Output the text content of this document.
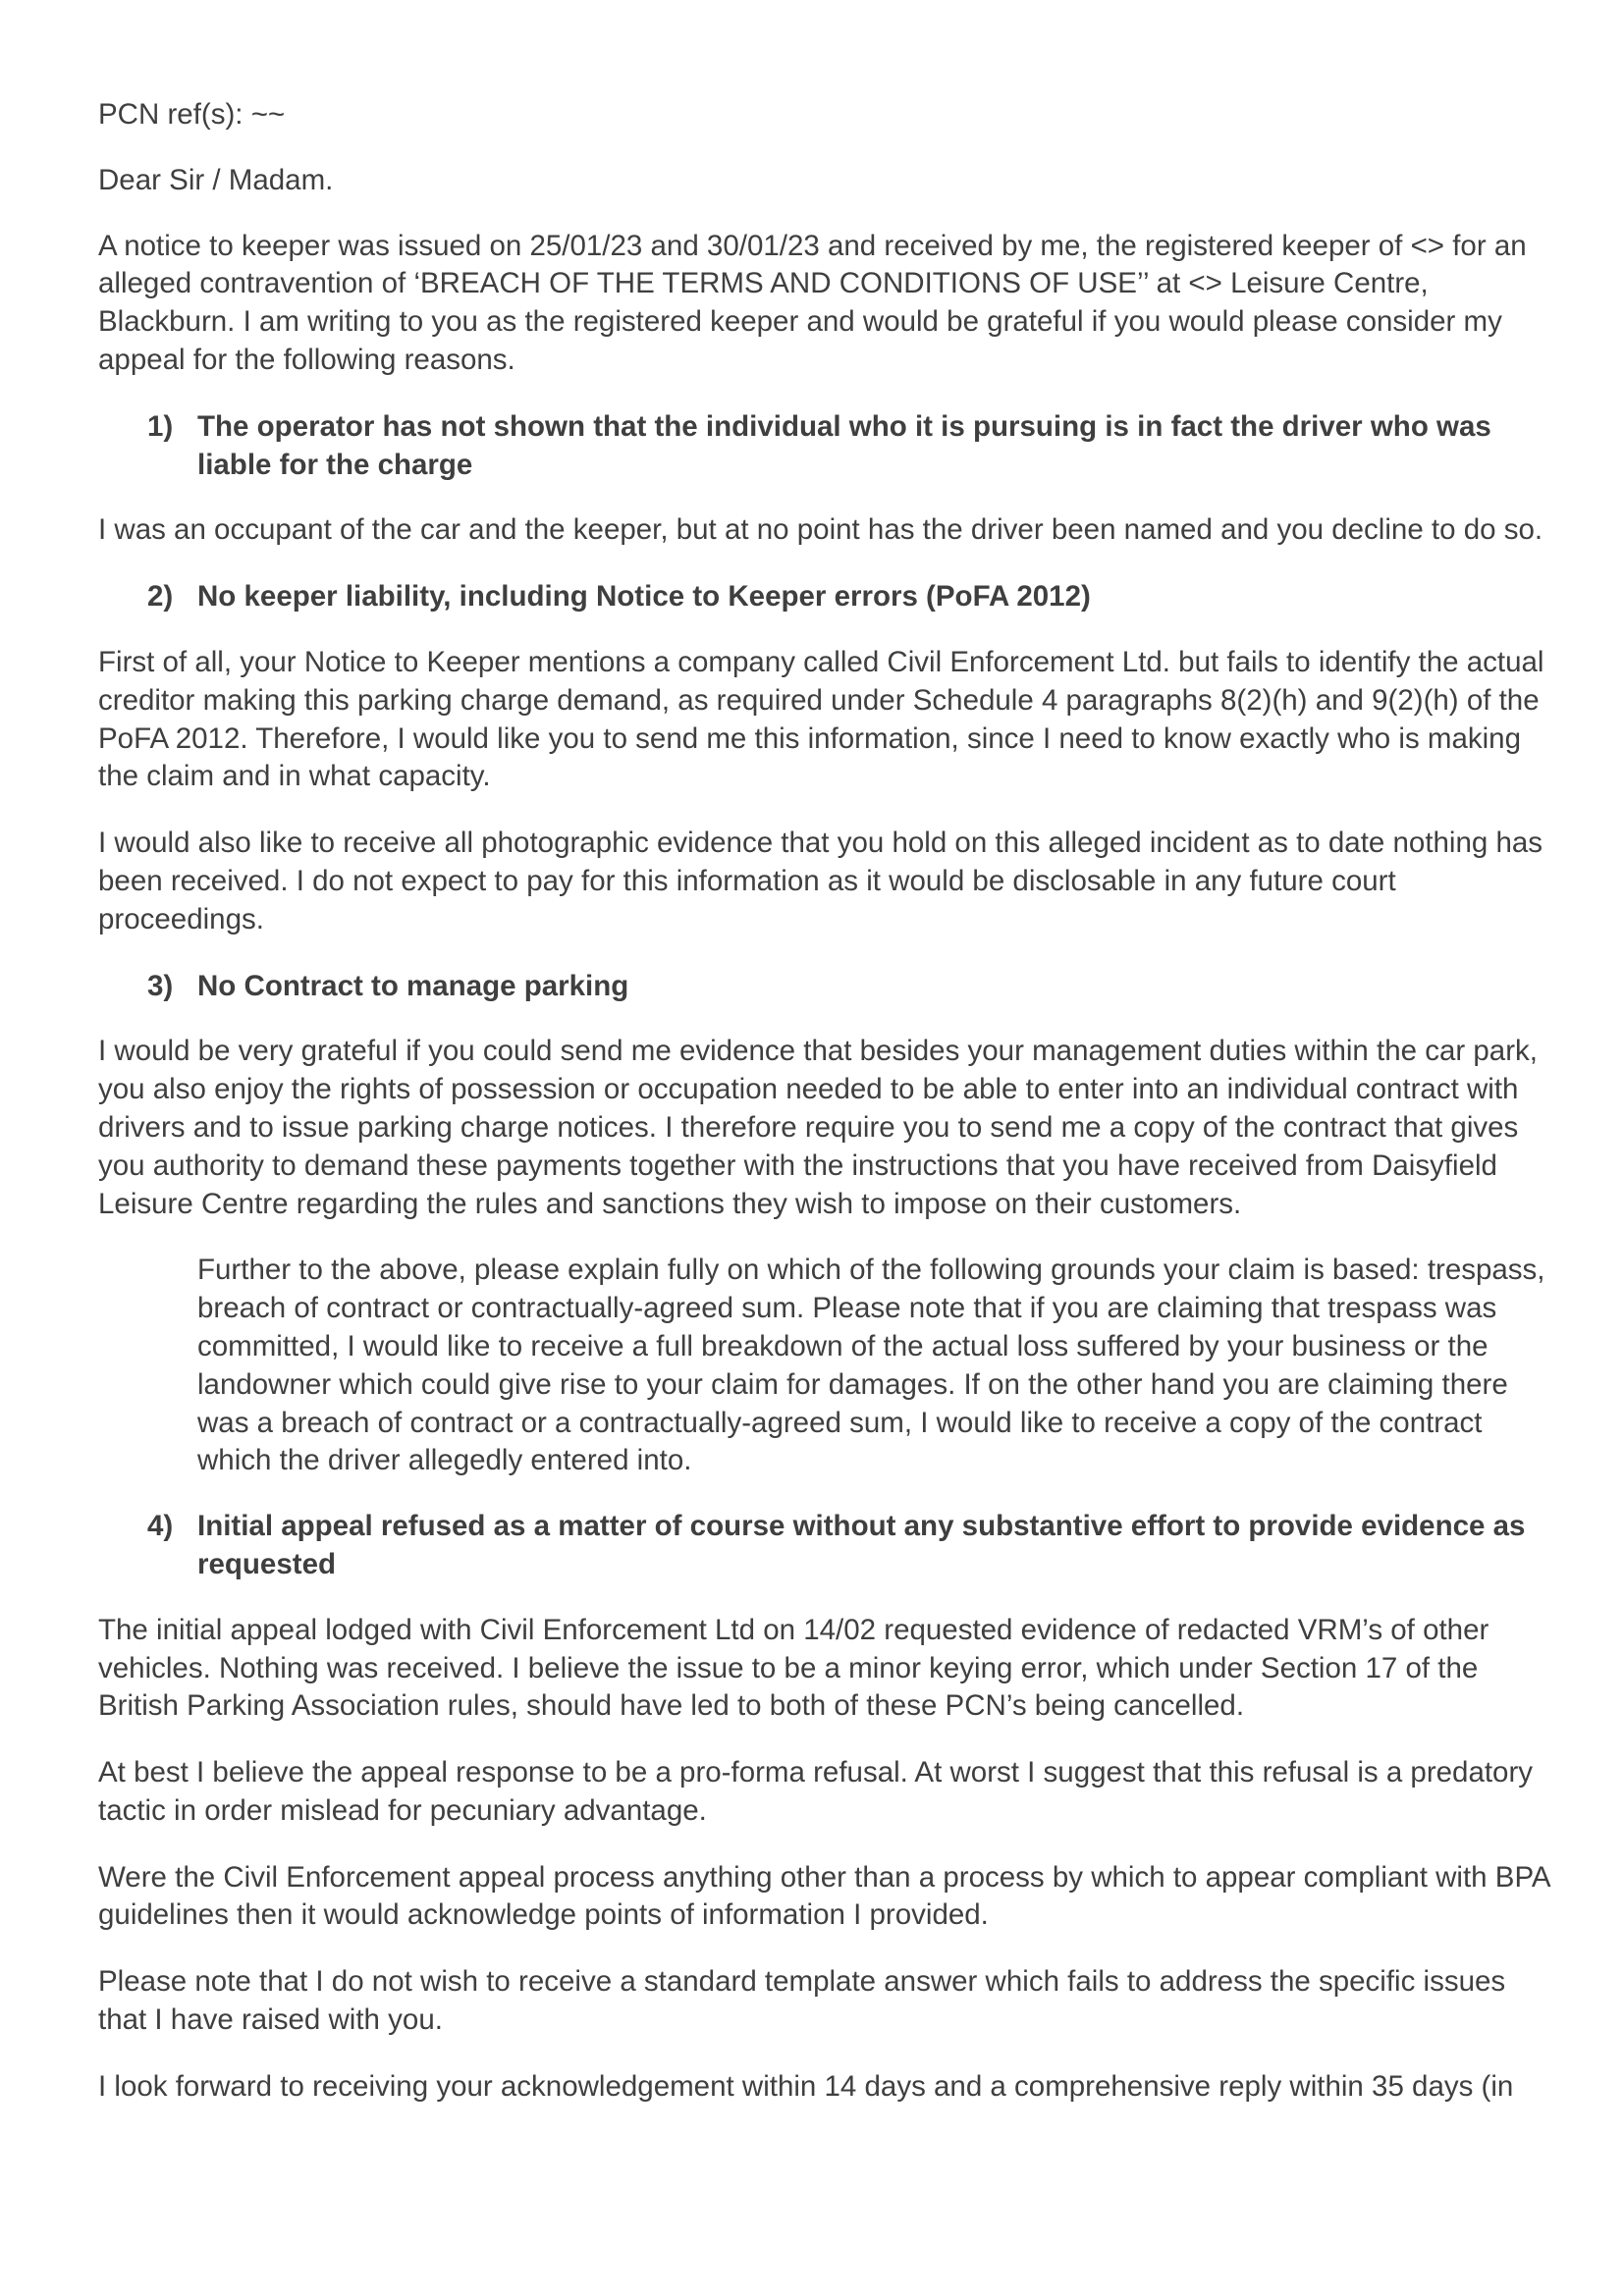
PCN ref(s): ~~

Dear Sir / Madam.

A notice to keeper was issued on 25/01/23 and 30/01/23 and received by me, the registered keeper of <> for an alleged contravention of ‘BREACH OF THE TERMS AND CONDITIONS OF USE’’ at <> Leisure Centre, Blackburn. I am writing to you as the registered keeper and would be grateful if you would please consider my appeal for the following reasons.

1) The operator has not shown that the individual who it is pursuing is in fact the driver who was liable for the charge

I was an occupant of the car and the keeper, but at no point has the driver been named and you decline to do so.

2) No keeper liability, including Notice to Keeper errors (PoFA 2012)

First of all, your Notice to Keeper mentions a company called Civil Enforcement Ltd. but fails to identify the actual creditor making this parking charge demand, as required under Schedule 4 paragraphs 8(2)(h) and 9(2)(h) of the PoFA 2012. Therefore, I would like you to send me this information, since I need to know exactly who is making the claim and in what capacity.

I would also like to receive all photographic evidence that you hold on this alleged incident as to date nothing has been received. I do not expect to pay for this information as it would be disclosable in any future court proceedings.

3) No Contract to manage parking

I would be very grateful if you could send me evidence that besides your management duties within the car park, you also enjoy the rights of possession or occupation needed to be able to enter into an individual contract with drivers and to issue parking charge notices. I therefore require you to send me a copy of the contract that gives you authority to demand these payments together with the instructions that you have received from Daisyfield Leisure Centre regarding the rules and sanctions they wish to impose on their customers.

Further to the above, please explain fully on which of the following grounds your claim is based: trespass, breach of contract or contractually-agreed sum. Please note that if you are claiming that trespass was committed, I would like to receive a full breakdown of the actual loss suffered by your business or the landowner which could give rise to your claim for damages. If on the other hand you are claiming there was a breach of contract or a contractually-agreed sum, I would like to receive a copy of the contract which the driver allegedly entered into.

4) Initial appeal refused as a matter of course without any substantive effort to provide evidence as requested

The initial appeal lodged with Civil Enforcement Ltd on 14/02 requested evidence of redacted VRM’s of other vehicles. Nothing was received. I believe the issue to be a minor keying error, which under Section 17 of the British Parking Association rules, should have led to both of these PCN’s being cancelled.

At best I believe the appeal response to be a pro-forma refusal. At worst I suggest that this refusal is a predatory tactic in order mislead for pecuniary advantage.

Were the Civil Enforcement appeal process anything other than a process by which to appear compliant with BPA guidelines then it would acknowledge points of information I provided.

Please note that I do not wish to receive a standard template answer which fails to address the specific issues that I have raised with you.

I look forward to receiving your acknowledgement within 14 days and a comprehensive reply within 35 days (in
